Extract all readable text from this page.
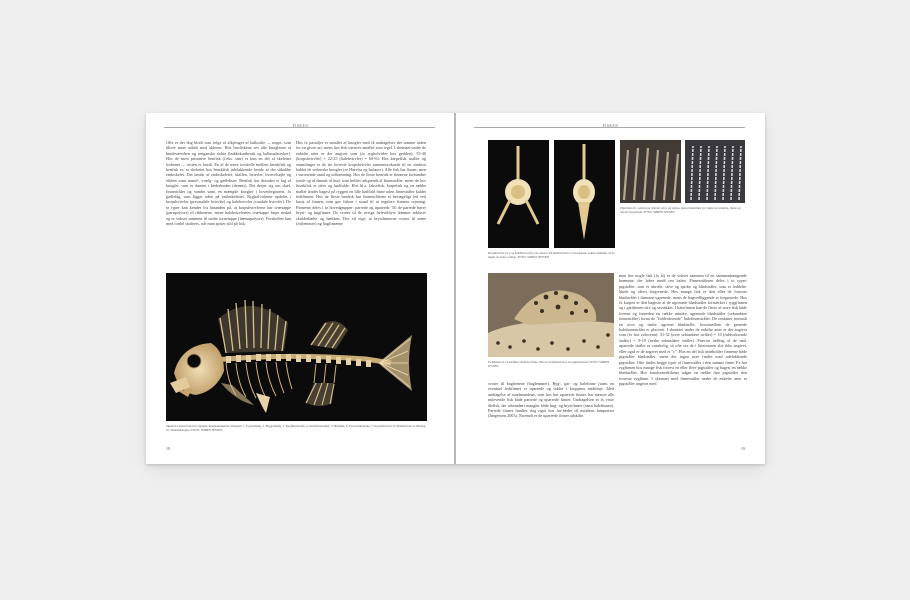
FISKEN
Ofte er der dog blodt som folge af afkjringer af kalksalte — noget, som bliver mere udtalt med alderen. Hos benfiskene ses alle knoglerne af bindevævsben og senganske sidste (bukkekartbrusk og kalkmaletryker). Hos de mest primitive benfisk (f.eks. stør) er kun en del af skelettet forbenet — resten er brusk. En af de mere forskelle mellem bruskfisk og benfisk er, at skelettet hos bruskfisk udelukkende består af det såkaldte endoskelet. Det består af endoskeletet, skallen, hvirvler, hvirvelsøjle og ribben samt mund-, svælg- og gællebuer. Benfisk har desuden et lag af knogler, som er dannet i læderhuden (dermis). Det drejer sig om skæl, finnestråler og vandet samt en mængde knogler i hovedregionen, fx gællelåg, som ligger uden på endoskelettet. Rygholvirlerne opdeles i kropshvirvler (precaudale hvirvler) og halehvirvler (caudale hvirvler). De to typer kan kendes fra hinanden på, at kropshvirvlerne har tværtappe (parapofyser) til ribbenene, mens halehvirvlernes tværtappe bøjer nedad og er vokset sammen til nedre tornetappe (hæmapofyser). Forskellen kan med fordel studeres, når man spiser sild på fisk.
Hos fx pastaljer er antallet af knogler med få andragelser det samme inden for en given art, mens hos fisk varierer antallet som regel. I skemaet under de enkelte arter er der angivet som (fx rygholvirler hos gedden): 35-40 (kropshvirvler) + 22-25 (halehvirvler) = 60-63. Hos karpefisk, maller og strømlinger er de tre forreste kropshvirvler sammenvoksede til en struktur kaldet de weberske knogler (se Hørelse og balance). Alle fisk har finner, men i varierende antal og udformning. Hos de fleste benfisk er finnerne forbundne tynde og af dannet af bud, som holdes adspændt af finnestråler, mens de hos bruskfisk er stive og kødfulde. Hos bl.a. laksefisk, karpefisk og en række maller findes bagest på ryggen en lille kødfuld finne uden finnestråler kaldet fedtfinnen. Hos de fleste benfisk har finnestrålerne et bevægeligt led ved basis af finnen, som gør fisken i stand til at regulere finnens rejsning. Finnerne deles i to hovedgrupper: parrede og uparrede. Til de parrede hører bryst- og bugfinner. De svarer til de øvrige hvirveldyrs lemmer inklusiv skulderbælte og bækken. Der vil sige, at brystfinnerne svarer til arme (forlemmer) og bugfinnerne
Skelet fra aborre med de vigtigste knogleelementer indtegnet: 1. Forgællelåg, 2. Baggællelåg, 3. Rygfinnestråler, 4. Skælfinnestråler, 5. Bækken, 6. Forsvarskraterne, 7. Kropshvirvler, 8. Halehvirvler, 9. Ribben, 10. Skulderknogler. FOTO: SØREN JESSEN
18
FISKEN
Kropshvirvel (tv.) og halehvirvel (th.) fra aborre. På halehvirvlet er tværtappene vokset sammen, så de udgør en nedre torntap. FOTO: SØREN JESSEN
Pigstråler (tv. venstre) er ubrede, stive og spidse, mens blødstråler (tv. højre) er leddelte, bløde og ofterst forgrenede. FOTO: SØREN JESSEN
Fedtfinnen er en kødfuld, strålelos finne. Her ses fedtfinnen hos en regnbueørred. FOTO: SØREN JESSEN
men hos nogle fisk (fx ål) er de vokset sammen til en sammenhængende bræmme, der løber rundt om halen. Finnestrålerne deles i to typer: pigstråler, som er ubrede, stive og spidse og blødstråler, som er leddelte, bløde og oftest forgrenede. Hos mange fisk er den eller de forreste blødstråler i finnerne ugrenede, mens de bagvedliggende er forgrenede. Hos fx karpen er den bageste af de ugrenede blødstråler forstærket i ryggfinnen og i gattfinnen stiv og savtakket. I halefinnen kan de fleste af store fisk både forrent og forneden en række mindre, ugrenede blødstråler (sekundære finnestråler) foran de "fuldvoksende" halefinnestråler. De omfatter normalt en øvre og nedre ugrenet blødstråle, hvorimellem de grenede halefinnestråler er placeret. I skemaet under de enkelte arter er der angivet som (fx hos cølocenn): 31-32 (øvre sekundære stråler) + 10 (fuldvoksende stråler) + 9-10 (nedre sekundære stråler). Præcise tælling af de små, uparrede stråler er vanskelig, så ofte ses de i litteraturen slet ikke angivet, eller også er de angivet med et "c". Hos en del fisk indeholder finnerne både pigstråler blødstråler, mens der ingen øvre findes med udelukkende pigstråler. Ofte findes begge typer af finnestråler i den samme finne. Fx har rygfinnen hos mange fisk forrest en eller flere pigstråler og bagest en række blødstråler. Hos bundsonetfiskene udgør en række fine pigstråler den forreste rygfinne. I skemaet med finnestråler under de enkelte arter er pigstråler angivet med
svarer til bagbenene (baglemmer). Ryg-, gat- og halefinne (samt en eventuel fedtfinne) er uparrede og sidder i kroppens midtlinje. Med undtagelse af rundmundene, som hos har uparrede finner, har næsten alle nulevende fisk både parrede og uparrede finner. Undtagelsen er fx visse ålefisk, der sekundært mangler både bug- og brystfinner (samt halefinnen). Parrede finner fandtes dog også hos for-fædre til nutidens lampretter (Jørgensen 2003). Normalt er de uparrede finner adskilte,
19
